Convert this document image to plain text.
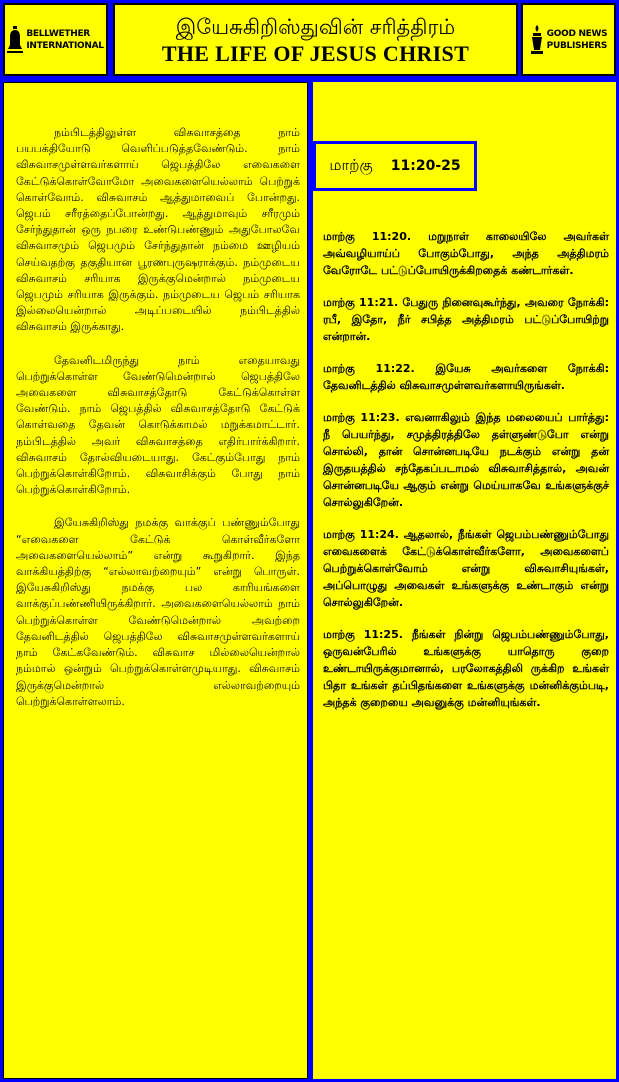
BELLWETHER
INTERNATIONAL
இயேசுகிறிஸ்துவின் சரித்திரம்
THE LIFE OF JESUS CHRIST
GOOD NEWS
PUBLISHERS

நம்பிடத்திலுள்ள விசுவாசத்தை நாம் பயபக்தியோடு வெளிப்படுத்தவேண்டும். நாம் விசுவாசமுள்ளவர்களாய் ஜெபத்திலே எவைகளை கேட்டுக்கொள்வோமோ அவைகளையெல்லாம் பெற்றுக் கொள்வோம். விசுவாசம் ஆத்துமாவைப் போன்றது. ஜெபம் சரீரத்தைப்போன்றது. ஆத்துமாவும் சரீரமும் சேர்ந்துதான் ஒரு நபரை உண்டுபண்ணும் அதுபோலவே விசுவாசமும் ஜெபமும் சேர்ந்துதான் நம்மை ஊழியம் செய்வதற்கு தகுதியான பூரணபுருஷராக்கும். நம்முடைய விசுவாசம் சரியாக இருக்குமென்றால் நம்முடைய ஜெபமும் சரியாக இருக்கும். நம்முடைய ஜெபம் சரியாக இல்லையென்றால் அடிப்படையில் நம்பிடத்தில் விசுவாசம் இருக்காது.

தேவனிடமிருந்து நாம் எதையாவது பெற்றுக்கொள்ள வேண்டுமென்றால் ஜெபத்திலே அவைகளை விசுவாசத்தோடு கேட்டுக்கொள்ள வேண்டும். நாம் ஜெபத்தில் விசுவாசத்தோடு கேட்டுக் கொள்வதை தேவன் கொடுக்காமல் மறுக்கமாட்டார். நம்பிடத்தில் அவர் விசுவாசத்தை எதிர்பார்க்கிறார். விசுவாசம் தோல்வியடையாது. கேட்கும்போது நாம் பெற்றுக்கொள்கிறோம். விசுவாசிக்கும் போது நாம் பெற்றுக்கொள்கிறோம்.

இயேசுகிறிஸ்து நமக்கு வாக்குப் பண்ணும்போது “எவைகளை கேட்டுக் கொள்வீர்களோ அவைகளையெல்லாம்” என்று கூறுகிறார். இந்த வாக்கியத்திற்கு “எல்லாவற்றையும்” என்று பொருள். இயேசுகிறிஸ்து நமக்கு பல காரியங்களை வாக்குப்பண்ணியிருக்கிறார். அவைகளையெல்லாம் நாம் பெற்றுக்கொள்ள வேண்டுமென்றால் அவற்றை தேவனிடத்தில் ஜெபத்திலே விசுவாசமுள்ளவர்களாய் நாம் கேட்கவேண்டும். விசுவாச மில்லையென்றால் நம்மால் ஒன்றும் பெற்றுக்கொள்ளமுடியாது. விசுவாசம் இருக்குமென்றால் எல்லாவற்றையும் பெற்றுக்கொள்ளலாம்.

மாற்கு 11:20. மறுநாள் காலையிலே அவர்கள் அவ்வழியாய்ப் போகும்போது, அந்த அத்திமரம் வேரோடே பட்டுப்போயிருக்கிறதைக் கண்டார்கள்.

மாற்கு 11:21. பேதுரு நினைவுகூர்ந்து, அவரை நோக்கி: ரபீ, இதோ, நீர் சபித்த அத்திமரம் பட்டுப்போயிற்று என்றான்.

மாற்கு 11:22. இயேசு அவர்களை நோக்கி: தேவனிடத்தில் விசுவாசமுள்ளவர்களாயிருங்கள்.

மாற்கு 11:23. எவனாகிலும் இந்த மலையைப் பார்த்து: நீ பெயர்ந்து, சமுத்திரத்திலே தள்ளுண்டுபோ என்று சொல்லி, தான் சொன்னபடியே நடக்கும் என்று தன் இருதயத்தில் சந்தேகப்படாமல் விசுவாசித்தால், அவன் சொன்னபடியே ஆகும் என்று மெய்யாகவே உங்களுக்குச் சொல்லுகிறேன்.

மாற்கு 11:24. ஆதலால், நீங்கள் ஜெபம்பண்ணும்போது எவைகளைக் கேட்டுக்கொள்வீர்களோ, அவைகளைப் பெற்றுக்கொள்வோம் என்று விசுவாசியுங்கள், அப்பொழுது அவைகள் உங்களுக்கு உண்டாகும் என்று சொல்லுகிறேன்.

மாற்கு 11:25. நீங்கள் நின்று ஜெபம்பண்ணும்போது, ஒருவன்பேரில் உங்களுக்கு யாதொரு குறை உண்டாயிருக்குமானால், பரலோகத்திலி ருக்கிற உங்கள் பிதா உங்கள் தப்பிதங்களை உங்களுக்கு மன்னிக்கும்படி, அந்தக் குறையை அவனுக்கு மன்னியுங்கள்.

மாற்கு 11:20-25
